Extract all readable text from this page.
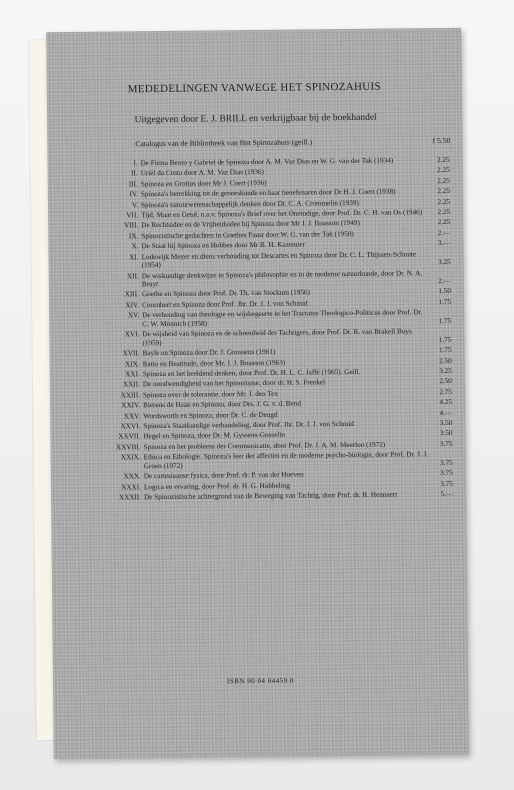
MEDEDELINGEN VANWEGE HET SPINOZAHUIS
Uitgegeven door E. J. BRILL en verkrijgbaar bij de boekhandel
Catalogus van de Bibliotheek van Het Spinozahuis (geill.)	f 5.50
I. De Firma Bento y Gabriel de Spinoza door A. M. Vaz Dias en W. G. van der Tak (1934)	2.25
II. Uriël da Costa door A. M. Vaz Dias (1936)	2.25
III. Spinoza en Grotius door Mr J. Coert (1936)	2.25
IV. Spinoza's betrekking tot de geneeskunde en haar beoefenaren door Dr H. J. Coert (1938)	2.25
V. Spinoza's natuurwetenschappelijk denken door Dr. C. A. Crommelin (1939)	2.25
VII. Tijd, Maat en Getal, n.a.v. Spinoza's Brief over het Oneindige, door Prof. Dr. C. H. van Os (1946)	2.25
VIII. De Rechtsidee en de Vrijheidsidee bij Spinoza door Mr J. J. Boasson (1949)	2.25
IX. Spinozistische gedachten in Goethes Faust door W. G. van der Tak (1950)	2.—
X. De Staat bij Spinoza en Hobbes door Mr B. H. Kazemier	3.—
XI. Lodewijk Meyer en diens verhouding tot Descartes en Spinoza door Dr. C. L. Thijssen-Schoute (1954)	3.25
XII. De wiskundige denkwijze in Spinoza's philosophie en in de moderne natuurkunde, door Dr. N. A. Bruyt	2.—
XIII. Goethe en Spinoza door Prof. Dr. Th. van Stockum (1956)	1.50
XIV. Coornhert en Spinoza door Prof. Jhr. Dr. J. J. von Schmid	1.75
XV. De verhouding van theologie en wijsbegeerte in het Tractatus Theologico-Politicus door Prof. Dr. C. W. Mönnich (1958)	1.75
XVI. De wijsheid van Spinoza en de schoonheid der Tachtigers, door Prof. Dr. R. van Brakell Buys (1959)	1.75
XVII. Bayle en Spinoza door Dr. J. Goossens (1961)	1.75
XIX. Ratio en Beatitudo, door Mr. J. J. Boasson (1963)	2.50
XXI. Spinoza en het beeldend denken, door Prof. Dr. H. L. C. Jaffé (1965). Geïll.	3.25
XXII. De noodwendigheid van het Spinozisme, door dr. H. S. Frenkel	2.50
XXIII. Spinoza over de tolerantie, door Mr. J. den Tex	2.75
XXIV. Bierens de Haan en Spinoza, door Drs. J. G. v. d. Bend	4.25
XXV. Wordsworth en Spinoza, door Dr. C. de Deugd	4.—
XXVI. Spinoza's Staatkundige verhandeling, door Prof. Jhr. Dr. J. J. von Schmid	3.50
XXVII. Hegel en Spinoza, door Dr. M. Gyssens-Gosselin	3.50
XXVIII. Spinoza en het probleem der Communicatie, door Prof. Dr. J. A. M. Meerloo (1972)	3.75
XXIX. Ethica en Ethologie. Spinoza's leer der affecten en de moderne psycho-biologie, door Prof. Dr. J. J. Groen (1972)	3.75
XXX. De cartesiaanse fysica, door Prof. dr. P. van der Hoeven	3.75
XXXI. Logica en ervaring, door Prof. dr. H. G. Hubbeling	3.75
XXXII. De Spinozistische achtergrond van de Beweging van Tachtig, door Prof. dr. R. Hennaert	5.—
ISBN 90 04 04459 0
